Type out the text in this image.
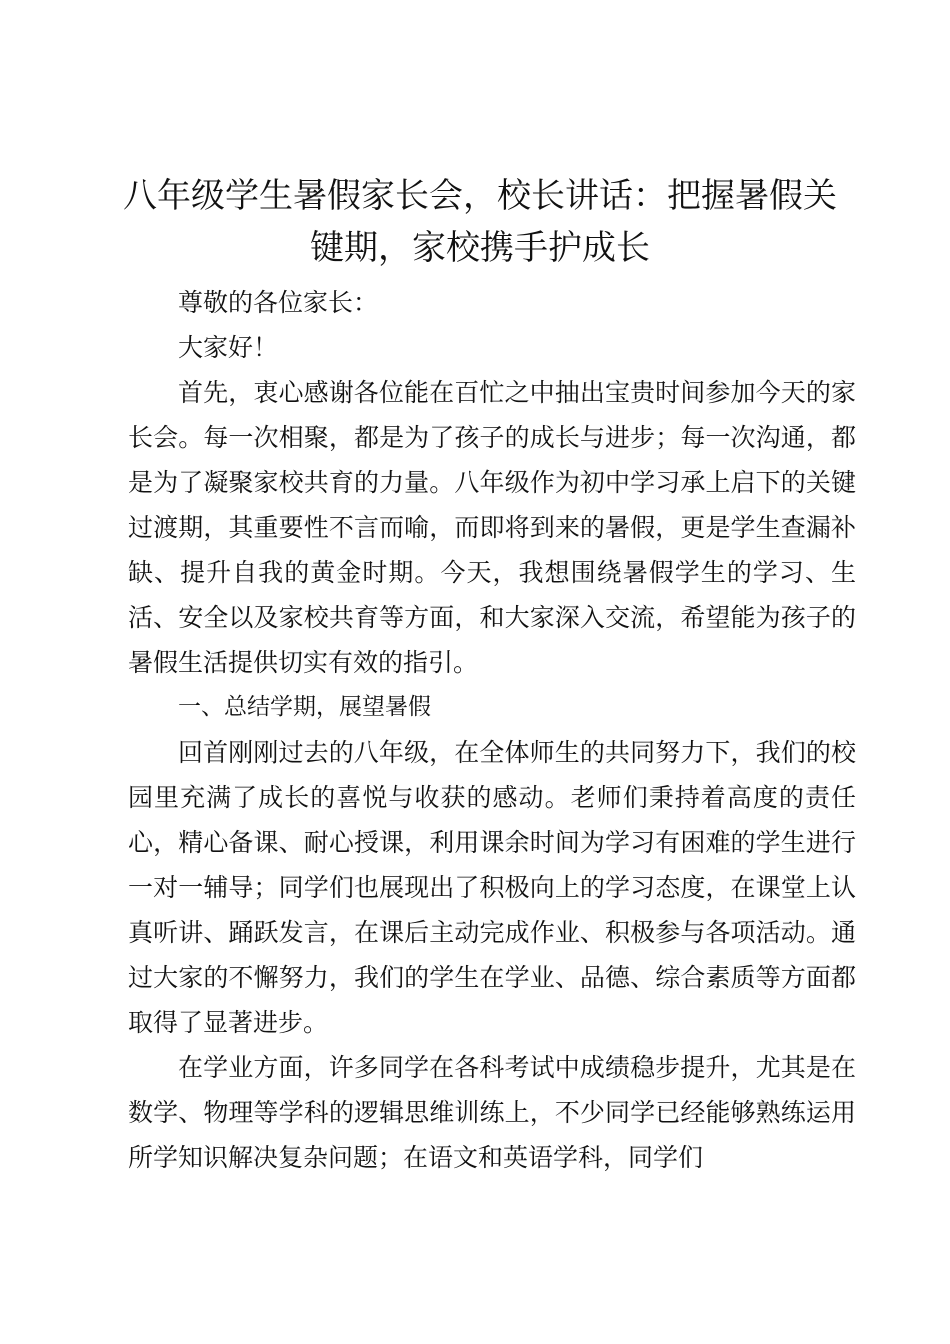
八年级学生暑假家长会，校长讲话：把握暑假关键期，家校携手护成长

尊敬的各位家长：

大家好！

首先，衷心感谢各位能在百忙之中抽出宝贵时间参加今天的家长会。每一次相聚，都是为了孩子的成长与进步；每一次沟通，都是为了凝聚家校共育的力量。八年级作为初中学习承上启下的关键过渡期，其重要性不言而喻，而即将到来的暑假，更是学生查漏补缺、提升自我的黄金时期。今天，我想围绕暑假学生的学习、生活、安全以及家校共育等方面，和大家深入交流，希望能为孩子的暑假生活提供切实有效的指引。

一、总结学期，展望暑假

回首刚刚过去的八年级，在全体师生的共同努力下，我们的校园里充满了成长的喜悦与收获的感动。老师们秉持着高度的责任心，精心备课、耐心授课，利用课余时间为学习有困难的学生进行一对一辅导；同学们也展现出了积极向上的学习态度，在课堂上认真听讲、踊跃发言，在课后主动完成作业、积极参与各项活动。通过大家的不懈努力，我们的学生在学业、品德、综合素质等方面都取得了显著进步。

在学业方面，许多同学在各科考试中成绩稳步提升，尤其是在数学、物理等学科的逻辑思维训练上，不少同学已经能够熟练运用所学知识解决复杂问题；在语文和英语学科，同学们
